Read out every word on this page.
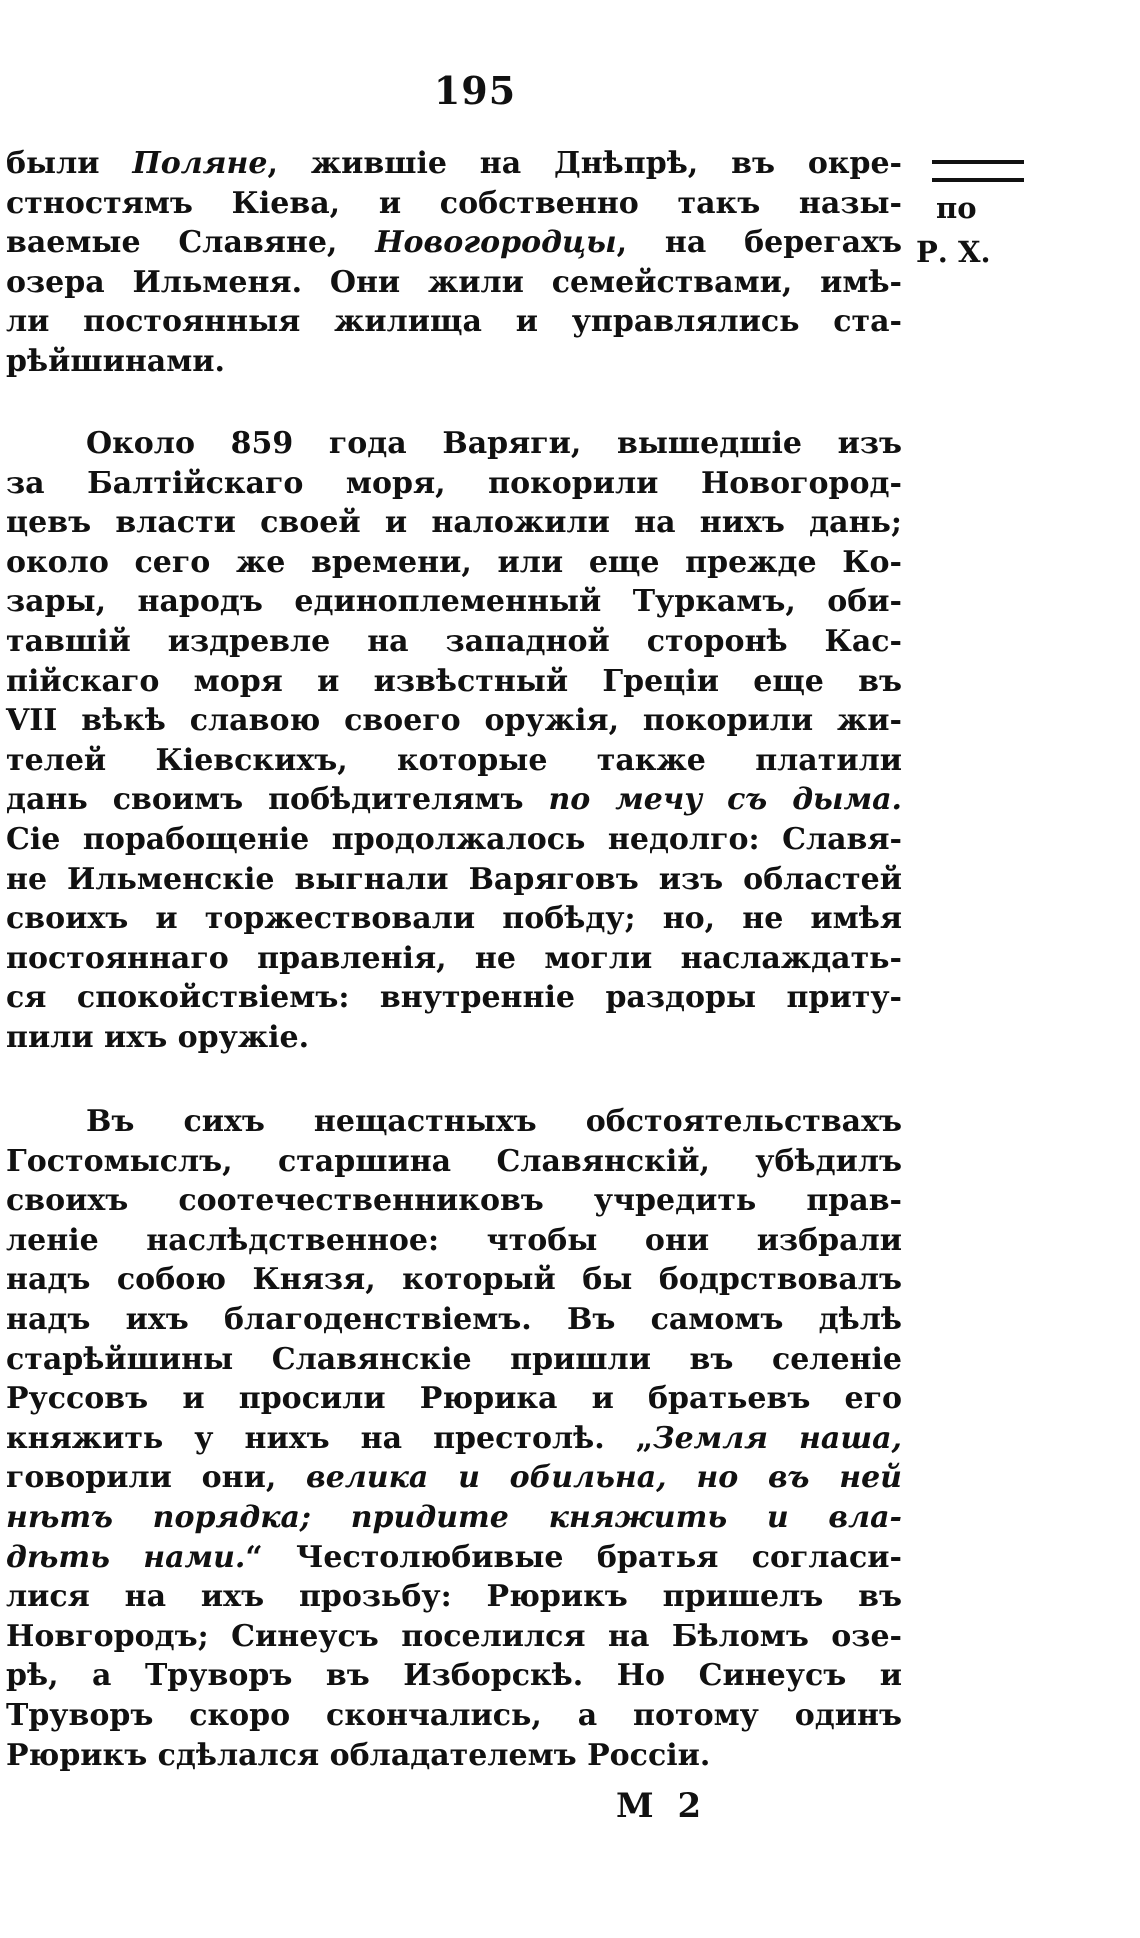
195
по
Р. Х.
были Поляне, жившіе на Днѣпрѣ, въ окре-
стностямъ Кіева, и собственно такъ назы-
ваемые Славяне, Новогородцы, на берегахъ
озера Ильменя. Они жили семействами, имѣ-
ли постоянныя жилища и управлялись ста-
рѣйшинами.
Около 859 года Варяги, вышедшіе изъ
за Балтійскаго моря, покорили Новогород-
цевъ власти своей и наложили на нихъ дань;
около сего же времени, или еще прежде Ко-
зары, народъ единоплеменный Туркамъ, оби-
тавшій издревле на западной сторонѣ Кас-
пійскаго моря и извѣстный Греціи еще въ
VII вѣкѣ славою своего оружія, покорили жи-
телей Кіевскихъ, которые также платили
дань своимъ побѣдителямъ по мечу съ дыма.
Сіе порабощеніе продолжалось недолго: Славя-
не Ильменскіе выгнали Варяговъ изъ областей
своихъ и торжествовали побѣду; но, не имѣя
постояннаго правленія, не могли наслаждать-
ся спокойствіемъ: внутренніе раздоры приту-
пили ихъ оружіе.
Въ сихъ нещастныхъ обстоятельствахъ
Гостомыслъ, старшина Славянскій, убѣдилъ
своихъ соотечественниковъ учредить прав-
леніе наслѣдственное: чтобы они избрали
надъ собою Князя, который бы бодрствовалъ
надъ ихъ благоденствіемъ. Въ самомъ дѣлѣ
старѣйшины Славянскіе пришли въ селеніе
Руссовъ и просили Рюрика и братьевъ его
княжить у нихъ на престолѣ. „Земля наша,
говорили они, велика и обильна, но въ ней
нѣтъ порядка; придите княжить и вла-
дѣть нами.“ Честолюбивые братья согласи-
лися на ихъ прозьбу: Рюрикъ пришелъ въ
Новгородъ; Синеусъ поселился на Бѣломъ озе-
рѣ, а Труворъ въ Изборскѣ. Но Синеусъ и
Труворъ скоро скончались, а потому одинъ
Рюрикъ сдѣлался обладателемъ Россіи.
М 2
